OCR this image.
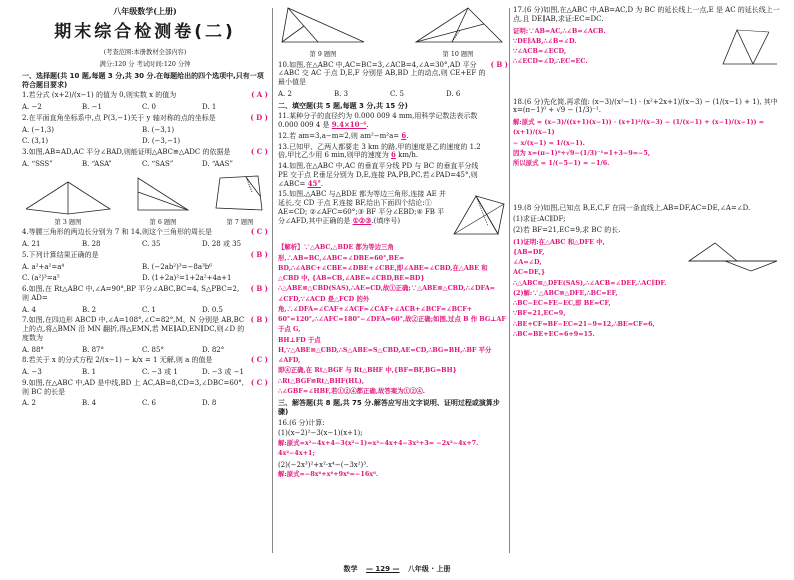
八年级数学(上册)
期末综合检测卷(二)
(考查范围:本册教材全部内容)
满分:120 分 考试时间:120 分钟
一、选择题(共 10 题,每题 3 分,共 30 分.在每题给出的四个选项中,只有一项符合题目要求)
1.若分式 (x+2)/(x−1) 的值为 0,则实数 x 的值为	( A )
A. −2	B. −1	C. 0	D. 1
2.在平面直角坐标系中,点 P(3,−1)关于 y 轴对称的点的坐标是	( D )
A. (−1,3)	B. (−3,1)
C. (3,1)	D. (−3,−1)
3.如图,AB=AD,AC 平分∠BAD,则能证明△ABC≌△ADC 的依据是	( C )
A. “SSS”	B. “ASA”	C. “SAS”	D. “AAS”
第 3 题图	第 6 题图	第 7 题图
4.等腰三角形的两边长分别为 7 和 14,则这个三角形的周长是	( C )
A. 21	B. 28	C. 35	D. 28 或 35
5.下列计算结果正确的是	( B )
A. a²+a²=a⁴	B. (−2ab²)³=−8a³b⁶
C. (a²)³=a⁵	D. (1+2a)²=1+2a²+4a+1
6.如图,在 Rt△ABC 中,∠A=90°,BP 平分∠ABC,BC=4, S△PBC=2,则 AD=
( B )
A. 4	B. 2	C. 1	D. 0.5
7.如图,在四边形 ABCD 中,∠A=108°,∠C=82°,M、N 分别是 AB,BC 上的点,将△BMN 沿 MN 翻折,得△EMN,若 ME∥AD,EN∥DC,则∠D 的度数为
( B )
A. 88°	B. 87°	C. 85°	D. 82°
8.若关于 x 的分式方程 2/(x−1) − k/x = 1 无解,则 a 的值是	( C )
A. −3	B. 1	C. −3 或 1	D. −3 或 −1
9.如图,在△ABC 中,AD 是中线,BD 上 AC,AB=8,CD=3,∠DBC=60°,则 BC 的长是
( C )
A. 2	B. 4	C. 6	D. 8
第 9 题图	第 10 题图
10.如图,在△ABC 中,AC=BC=3,∠ACB=4,∠A=30°,AD 平分∠ABC 交 AC 于点 D,E,F 分别是 AB,BD 上的动点,则 CE+EF 的最小值是
( B )
A. 2	B. 3	C. 5	D. 6
二、填空题(共 5 题,每题 3 分,共 15 分)
11.某种分子的直径约为 0.000 009 4 mm,用科学记数法表示数 0.000 009 4 是 9.4×10⁻⁶.
12.若 am=3,a−m=2,则 am²−m²a= 6.
13.已知甲、乙两人都要走 3 km 的路,甲的速度是乙的速度的 1.2 倍,甲比乙少用 6 min,则甲的速度为 6 km/h.
14.如图,在△ABC 中,AC 的垂直平分线 PD 与 BC 的垂直平分线 PE 交于点 P,垂足分别为 D,E,连接 PA,PB,PC,若∠PAD=45°,则∠ABC= 45°.
15.如图,△ABC 与△BDE 都为等边三角形,连接 AE 并延长,交 CD 于点 F,连接 BF,给出下面四个结论:① AE=CD; ②∠AFC=60°;③ BF 平分∠EBD;④ FB 平分∠AFD,其中正确的是 ①②③.(填序号)
【解析】∵△ABC,△BDE 都为等边三角形,∴AB=BC,∠ABC=∠DBE=60°,BE=
BD,∴∠ABC+∠CBE=∠DBE+∠CBE,即∠ABE=∠CBD,在△ABE 和△CBD 中, {AB=CB,∠ABE=∠CBD,BE=BD}
∴△ABE≌△CBD(SAS),∴AE=CD,故①正确;∵△ABE≌△CBD,∴∠DFA=
∠CFD,∵∠ACD 是△FCD 的外角,∴∠DFA=∠CAF+∠ACF=∠CAF+∠ACB+∠BCF=∠BCF+
60°=120°,∴∠AFC=180°−∠DFA=60°,故②正确;如图,过点 B 作 BG⊥AF 于点 G,
BH⊥FD 于点 H,∵△ABE≌△CBD,∴S△ABE=S△CBD,AE=CD,∴BG=BH,∴BF 平分∠AFD,
即④正确,在 Rt△BGF 与 Rt△BHF 中,{BF=BF,BG=BH} ∴Rt△BGF≌Rt△BHF(HL),
∴∠GBF=∠HBF,若①②④都正确,故答案为①②④.
三、解答题(共 8 题,共 75 分.解答应写出文字说明、证明过程或演算步骤)
16.(6 分)计算:
(1)(x−2)²−3(x−1)(x+1);
解:原式=x²−4x+4−3(x²−1)=x²−4x+4−3x²+3= −2x²−4x+7.
4x²−4x+1;
(2)(−2x³)²+x²·x⁴−(−3x²)³.
解:原式=−8x⁶+x⁶+9x⁶=−16x⁶.
17.(6 分)如图,在△ABC 中,AB=AC,D 为 BC 的延长线上一点,E 是 AC 的延长线上一点,且 DE∥AB,求证:EC=DC.
证明:∵AB=AC,∴∠B=∠ACB.
∵DE∥AB,∴∠B=∠D.
∵∠ACB=∠ECD,
∴∠ECD=∠D,∴EC=EC.
18.(6 分)先化简,再求值: (x−3)/(x²−1) · (x²+2x+1)/(x−3) − (1/(x−1) + 1), 其中 x=(π−1)⁰ + √9 − (1/3)⁻¹.
解:原式 = (x−3)/((x+1)(x−1)) · (x+1)²/(x−3) − (1/(x−1) + (x−1)/(x−1)) = (x+1)/(x−1)
− x/(x−1) = 1/(x−1).
因为 x=(π−1)⁰+√9−(1/3)⁻¹=1+3−9=−5,
所以原式 = 1/(−5−1) = −1/6.
19.(8 分)如图,已知点 B,E,C,F 在同一条直线上,AB=DF,AC=DE,∠A=∠D.
(1)求证:AC∥DF;
(2)若 BF=21,EC=9,求 BC 的长.
(1)证明:在△ABC 和△DFE 中,
{AB=DF,
∠A=∠D,
AC=DE,}
∴△ABC≌△DFE(SAS),∴∠ACB=∠DEF,∴AC∥DF.
(2)解:∵△ABC≌△DFE,∴BC=EF,
∴BC−EC=FE−EC,即 BE=CF,
∵BF=21,EC=9,
∴BE+CF=BF−EC=21−9=12,∴BE=CF=6,
∴BC=BE+EC=6+9=15.
数学 — 129 — 八年级 · 上册
